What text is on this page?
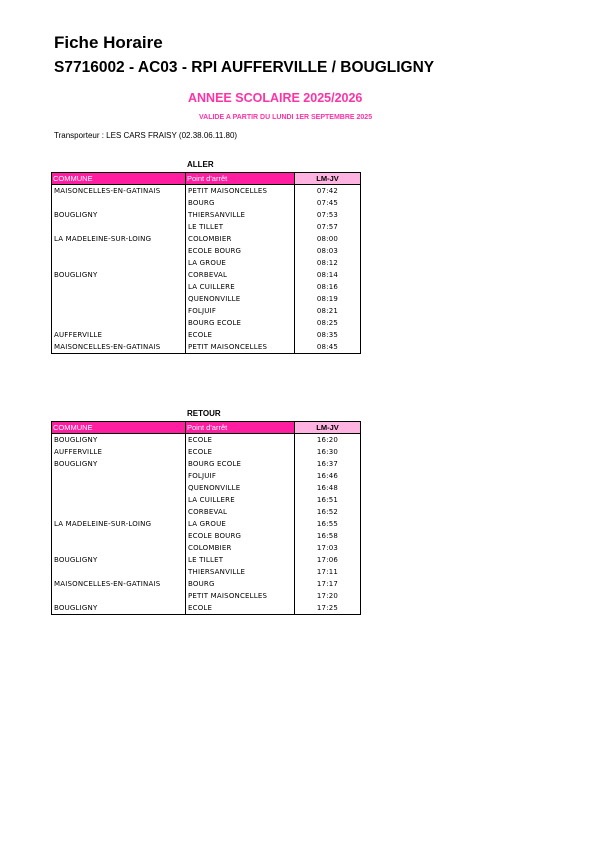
Fiche Horaire
S7716002 - AC03 - RPI AUFFERVILLE / BOUGLIGNY
ANNEE SCOLAIRE 2025/2026
VALIDE A PARTIR DU LUNDI 1ER SEPTEMBRE 2025
Transporteur : LES CARS FRAISY (02.38.06.11.80)
ALLER
COMMUNE	Point d'arrêt	LM-JV
MAISONCELLES-EN-GATINAIS	PETIT MAISONCELLES	07:42
	BOURG	07:45
BOUGLIGNY	THIERSANVILLE	07:53
	LE TILLET	07:57
LA MADELEINE-SUR-LOING	COLOMBIER	08:00
	ECOLE BOURG	08:03
	LA GROUE	08:12
BOUGLIGNY	CORBEVAL	08:14
	LA CUILLERE	08:16
	QUENONVILLE	08:19
	FOLJUIF	08:21
	BOURG ECOLE	08:25
AUFFERVILLE	ECOLE	08:35
MAISONCELLES-EN-GATINAIS	PETIT MAISONCELLES	08:45
RETOUR
COMMUNE	Point d'arrêt	LM-JV
BOUGLIGNY	ECOLE	16:20
AUFFERVILLE	ECOLE	16:30
BOUGLIGNY	BOURG ECOLE	16:37
	FOLJUIF	16:46
	QUENONVILLE	16:48
	LA CUILLERE	16:51
	CORBEVAL	16:52
LA MADELEINE-SUR-LOING	LA GROUE	16:55
	ECOLE BOURG	16:58
	COLOMBIER	17:03
BOUGLIGNY	LE TILLET	17:06
	THIERSANVILLE	17:11
MAISONCELLES-EN-GATINAIS	BOURG	17:17
	PETIT MAISONCELLES	17:20
BOUGLIGNY	ECOLE	17:25
